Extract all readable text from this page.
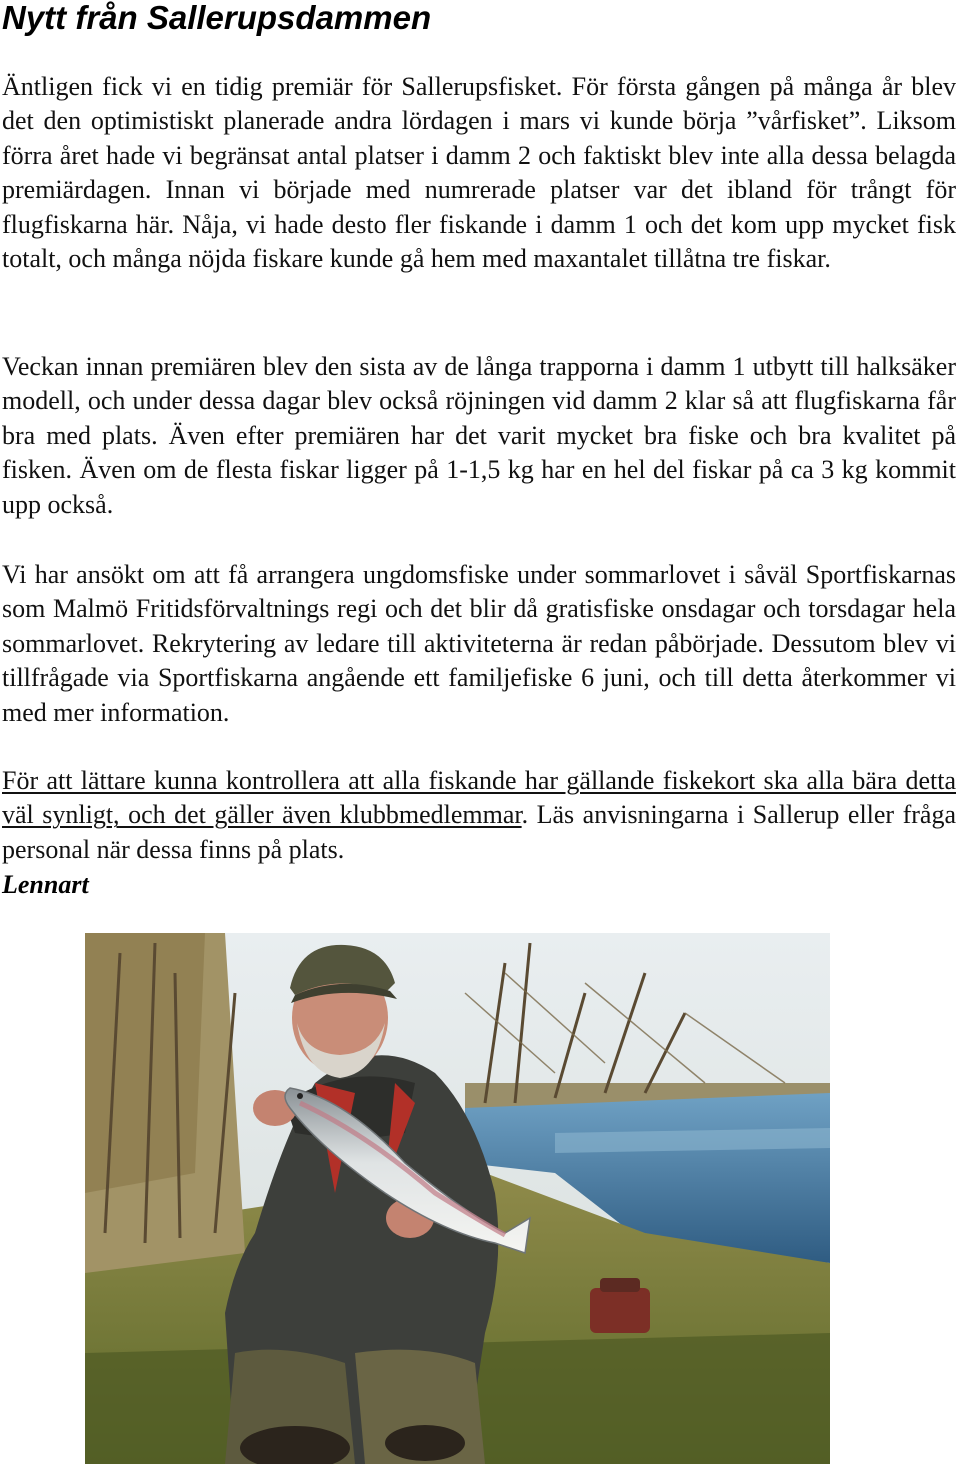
Nytt från Sallerupsdammen

Äntligen fick vi en tidig premiär för Sallerupsfisket. För första gången på många år blev det den optimistiskt planerade andra lördagen i mars vi kunde börja ”vårfisket”. Liksom förra året hade vi begränsat antal platser i damm 2 och faktiskt blev inte alla dessa belagda premiärdagen. Innan vi började med numrerade platser var det ibland för trångt för flugfiskarna här. Nåja, vi hade desto fler fiskande i damm 1 och det kom upp mycket fisk totalt, och många nöjda fiskare kunde gå hem med maxantalet tillåtna tre fiskar.

Veckan innan premiären blev den sista av de långa trapporna i damm 1 utbytt till halksäker modell, och under dessa dagar blev också röjningen vid damm 2 klar så att flugfiskarna får bra med plats. Även efter premiären har det varit mycket bra fiske och bra kvalitet på fisken. Även om de flesta fiskar ligger på 1-1,5 kg har en hel del fiskar på ca 3 kg kommit upp också.

Vi har ansökt om att få arrangera ungdomsfiske under sommarlovet i såväl Sportfiskarnas som Malmö Fritidsförvaltnings regi och det blir då gratisfiske onsdagar och torsdagar hela sommarlovet. Rekrytering av ledare till aktiviteterna är redan påbörjade. Dessutom blev vi tillfrågade via Sportfiskarna angående ett familjefiske 6 juni, och till detta återkommer vi med mer information.

För att lättare kunna kontrollera att alla fiskande har gällande fiskekort ska alla bära detta väl synligt, och det gäller även klubbmedlemmar. Läs anvisningarna i Sallerup eller fråga personal när dessa finns på plats.

Lennart
